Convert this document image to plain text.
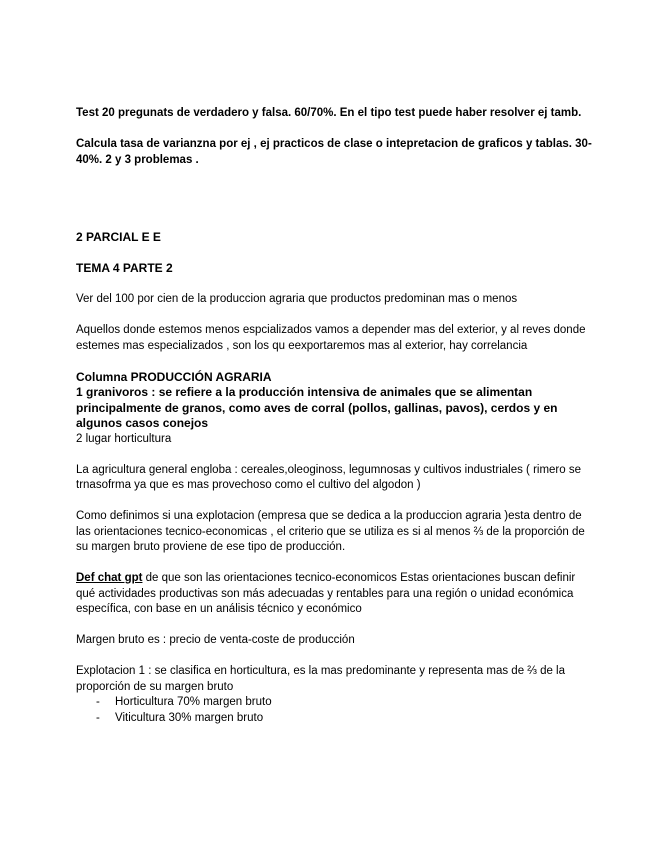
Test 20 pregunats de verdadero y falsa. 60/70%. En el tipo test puede haber resolver ej tamb.

Calcula tasa de varianzna por ej , ej practicos de clase o intepretacion de graficos y tablas. 30-40%. 2 y 3 problemas .

2 PARCIAL E E

TEMA 4 PARTE 2

Ver del 100 por cien de la produccion agraria que productos predominan mas o menos

Aquellos donde estemos menos espcializados vamos a depender mas del exterior, y al reves donde estemes mas especializados , son los qu eexportaremos mas al exterior, hay correlancia

Columna PRODUCCIÓN AGRARIA

1 granivoros : se refiere a la producción intensiva de animales que se alimentan principalmente de granos, como aves de corral (pollos, gallinas, pavos), cerdos y en algunos casos conejos

2 lugar horticultura

La agricultura general engloba : cereales,oleoginoss, legumnosas y cultivos industriales ( rimero se trnasofrma ya que es mas provechoso como el cultivo del algodon )

Como definimos si una explotacion (empresa que se dedica a la produccion agraria )esta dentro de las orientaciones tecnico-economicas , el criterio que se utiliza es si al menos ⅔ de la proporción de su margen bruto proviene de ese tipo de producción.

Def chat gpt de que son las orientaciones tecnico-economicos Estas orientaciones buscan definir qué actividades productivas son más adecuadas y rentables para una región o unidad económica específica, con base en un análisis técnico y económico

Margen bruto es : precio de venta-coste de producción

Explotacion 1 : se clasifica en horticultura, es la mas predominante y representa mas de ⅔ de la proporción de su margen bruto

- Horticultura 70% margen bruto
- Viticultura 30% margen bruto
